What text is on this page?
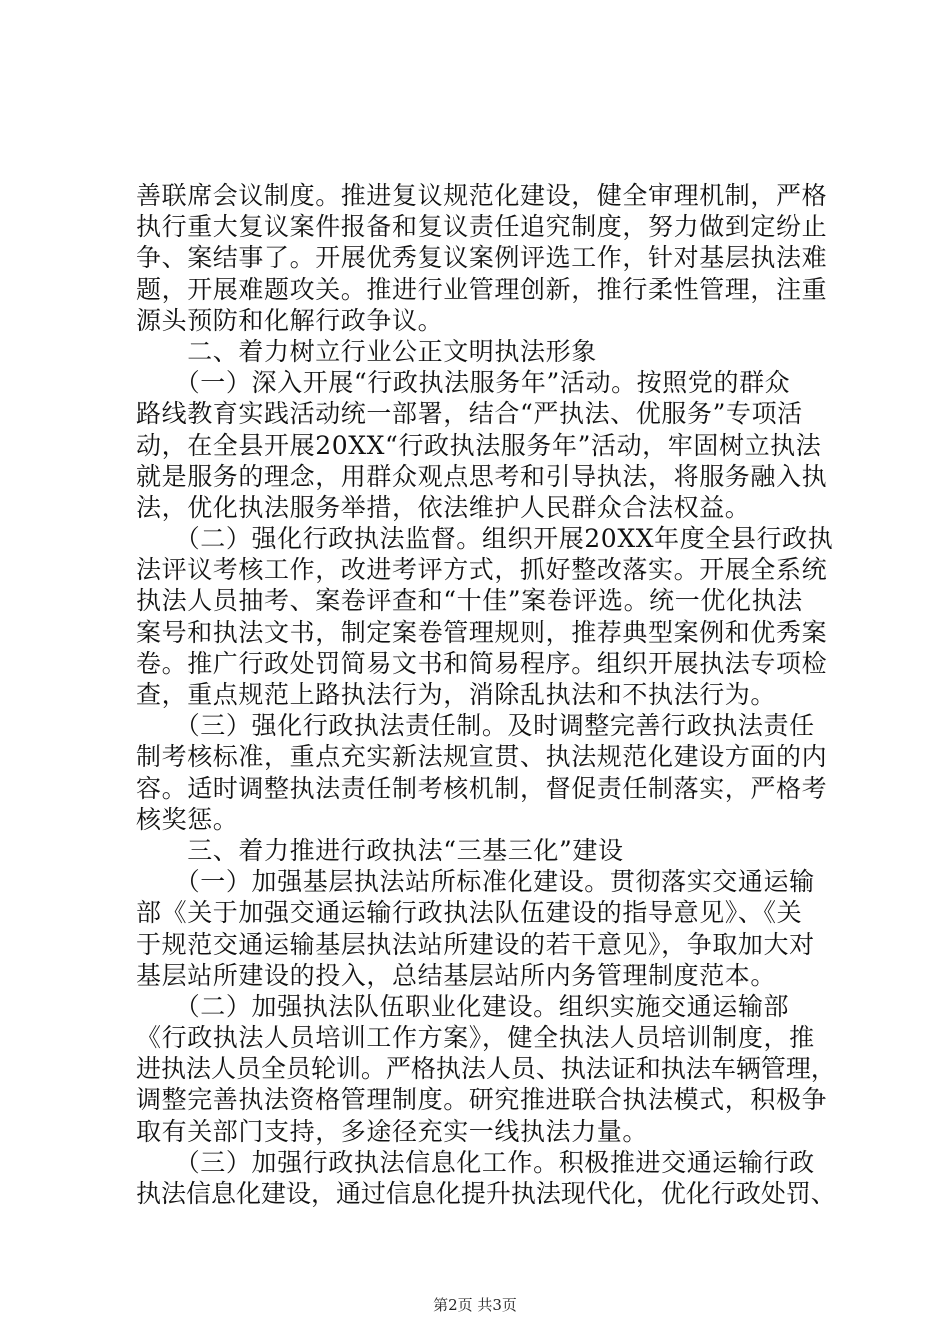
善联席会议制度。推进复议规范化建设，健全审理机制，严格
执行重大复议案件报备和复议责任追究制度，努力做到定纷止
争、案结事了。开展优秀复议案例评选工作，针对基层执法难
题，开展难题攻关。推进行业管理创新，推行柔性管理，注重
源头预防和化解行政争议。
　　二、着力树立行业公正文明执法形象
　　（一）深入开展“行政执法服务年”活动。按照党的群众
路线教育实践活动统一部署，结合“严执法、优服务”专项活
动，在全县开展20XX“行政执法服务年”活动，牢固树立执法
就是服务的理念，用群众观点思考和引导执法，将服务融入执
法，优化执法服务举措，依法维护人民群众合法权益。
　　（二）强化行政执法监督。组织开展20XX年度全县行政执
法评议考核工作，改进考评方式，抓好整改落实。开展全系统
执法人员抽考、案卷评查和“十佳”案卷评选。统一优化执法
案号和执法文书，制定案卷管理规则，推荐典型案例和优秀案
卷。推广行政处罚简易文书和简易程序。组织开展执法专项检
查，重点规范上路执法行为，消除乱执法和不执法行为。
　　（三）强化行政执法责任制。及时调整完善行政执法责任
制考核标准，重点充实新法规宣贯、执法规范化建设方面的内
容。适时调整执法责任制考核机制，督促责任制落实，严格考
核奖惩。
　　三、着力推进行政执法“三基三化”建设
　　（一）加强基层执法站所标准化建设。贯彻落实交通运输
部《关于加强交通运输行政执法队伍建设的指导意见》、《关
于规范交通运输基层执法站所建设的若干意见》，争取加大对
基层站所建设的投入，总结基层站所内务管理制度范本。
　　（二）加强执法队伍职业化建设。组织实施交通运输部
《行政执法人员培训工作方案》，健全执法人员培训制度，推
进执法人员全员轮训。严格执法人员、执法证和执法车辆管理，
调整完善执法资格管理制度。研究推进联合执法模式，积极争
取有关部门支持，多途径充实一线执法力量。
　　（三）加强行政执法信息化工作。积极推进交通运输行政
执法信息化建设，通过信息化提升执法现代化，优化行政处罚、
第2页 共3页
